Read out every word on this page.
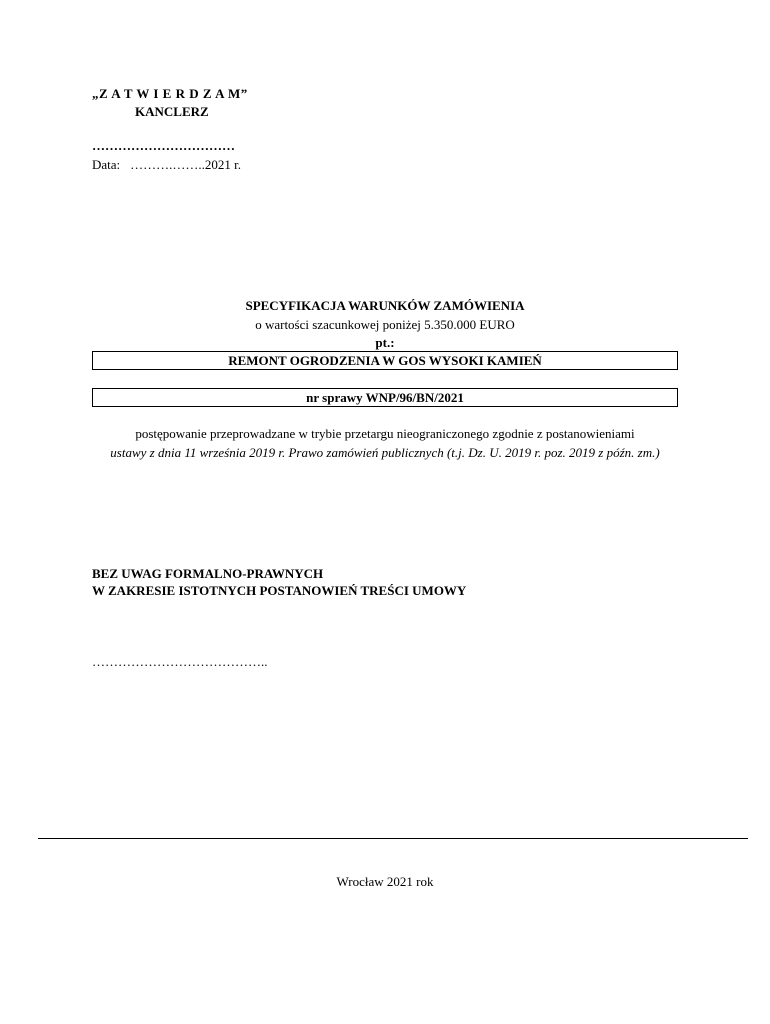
„Z A T W I E R D Z A M”
KANCLERZ
……………………………
Data: ……….……..2021 r.
SPECYFIKACJA WARUNKÓW ZAMÓWIENIA
o wartości szacunkowej poniżej 5.350.000 EURO
pt.:
REMONT OGRODZENIA W GOS WYSOKI KAMIEŃ
nr sprawy WNP/96/BN/2021
postępowanie przeprowadzane w trybie przetargu nieograniczonego zgodnie z postanowieniami
ustawy z dnia 11 września 2019 r. Prawo zamówień publicznych (t.j. Dz. U. 2019 r. poz. 2019 z późn. zm.)
BEZ UWAG FORMALNO-PRAWNYCH
W ZAKRESIE ISTOTNYCH POSTANOWIEŃ TREŚCI UMOWY
…………………………………..
Wrocław 2021 rok
